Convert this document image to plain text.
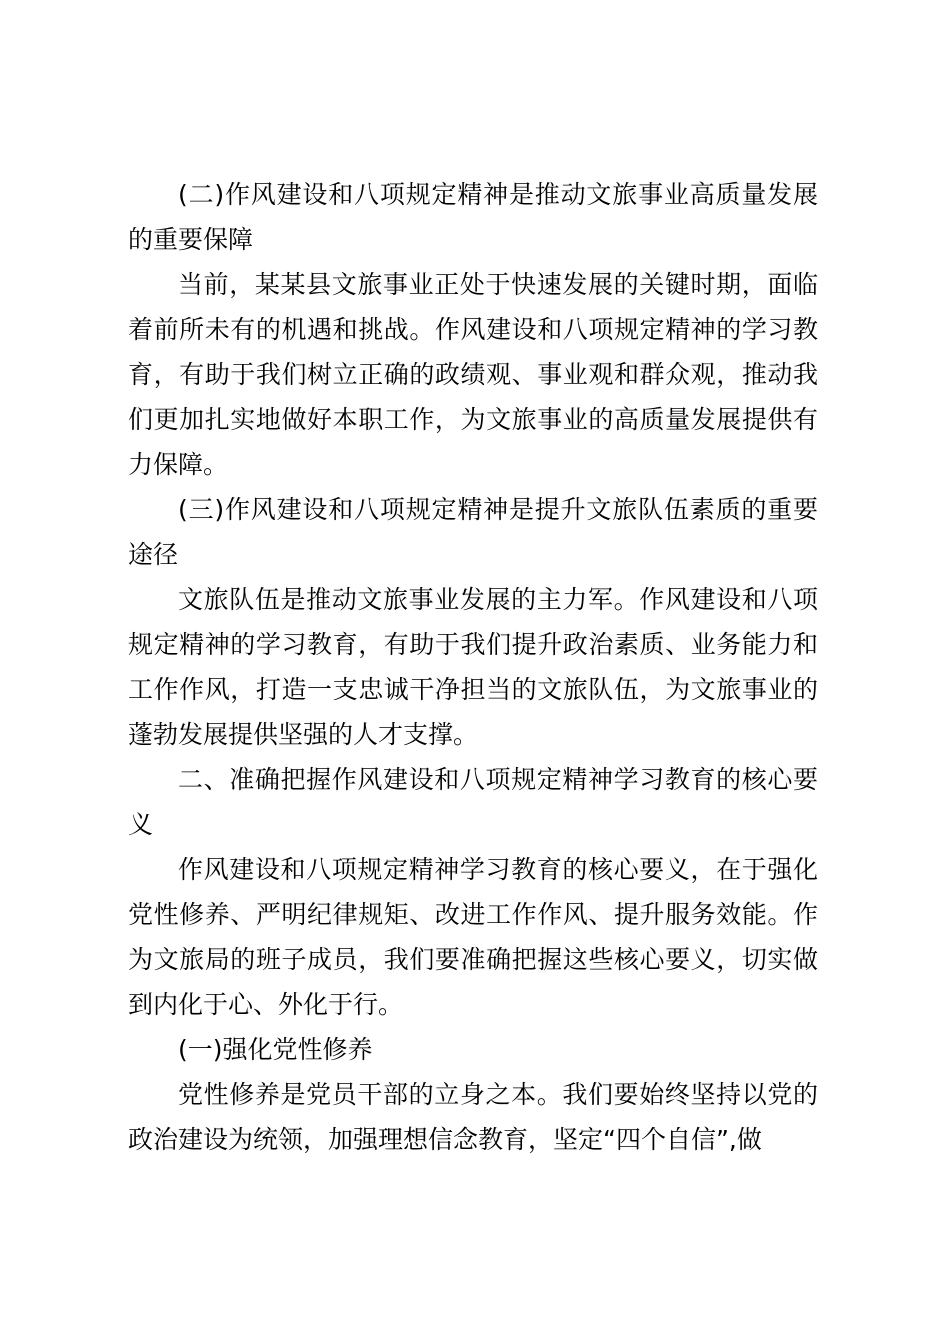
(二)作风建设和八项规定精神是推动文旅事业高质量发展的重要保障

当前，某某县文旅事业正处于快速发展的关键时期，面临着前所未有的机遇和挑战。作风建设和八项规定精神的学习教育，有助于我们树立正确的政绩观、事业观和群众观，推动我们更加扎实地做好本职工作，为文旅事业的高质量发展提供有力保障。

(三)作风建设和八项规定精神是提升文旅队伍素质的重要途径

文旅队伍是推动文旅事业发展的主力军。作风建设和八项规定精神的学习教育，有助于我们提升政治素质、业务能力和工作作风，打造一支忠诚干净担当的文旅队伍，为文旅事业的蓬勃发展提供坚强的人才支撑。

二、准确把握作风建设和八项规定精神学习教育的核心要义

作风建设和八项规定精神学习教育的核心要义，在于强化党性修养、严明纪律规矩、改进工作作风、提升服务效能。作为文旅局的班子成员，我们要准确把握这些核心要义，切实做到内化于心、外化于行。

(一)强化党性修养

党性修养是党员干部的立身之本。我们要始终坚持以党的政治建设为统领，加强理想信念教育，坚定“四个自信”,做
